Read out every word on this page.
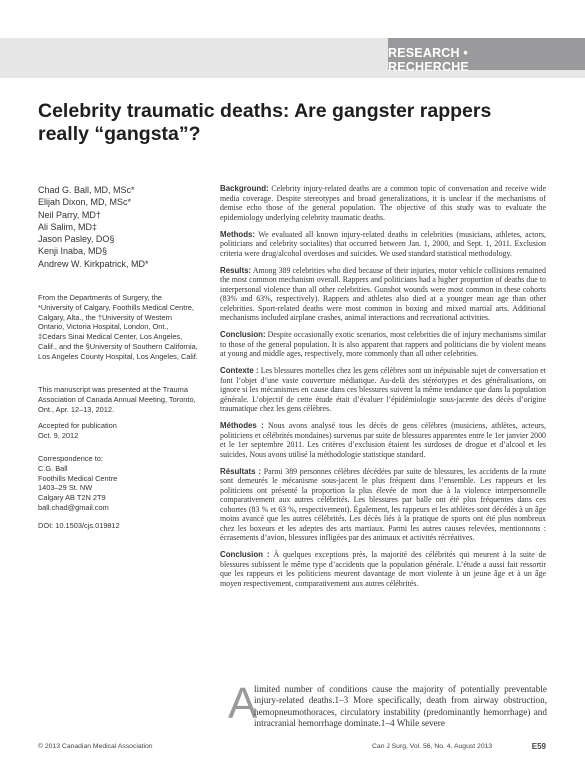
RESEARCH • RECHERCHE
Celebrity traumatic deaths: Are gangster rappers really “gangsta”?
Chad G. Ball, MD, MSc*
Elijah Dixon, MD, MSc*
Neil Parry, MD†
Ali Salim, MD‡
Jason Pasley, DO§
Kenji Inaba, MD§
Andrew W. Kirkpatrick, MD*
From the Departments of Surgery, the *University of Calgary, Foothills Medical Centre, Calgary, Alta., the †University of Western Ontario, Victoria Hospital, London, Ont., ‡Cedars Sinai Medical Center, Los Angeles, Calif., and the §University of Southern California, Los Angeles County Hospital, Los Angeles, Calif.
This manuscript was presented at the Trauma Association of Canada Annual Meeting, Toronto, Ont., Apr. 12–13, 2012.
Accepted for publication
Oct. 9, 2012
Correspondence to:
C.G. Ball
Foothills Medical Centre
1403–29 St. NW
Calgary AB T2N 2T9
ball.chad@gmail.com
DOI: 10.1503/cjs.019812

Background: Celebrity injury-related deaths are a common topic of conversation and receive wide media coverage. Despite stereotypes and broad generalizations, it is unclear if the mechanisms of demise echo those of the general population. The objective of this study was to evaluate the epidemiology underlying celebrity traumatic deaths.

Methods: We evaluated all known injury-related deaths in celebrities (musicians, athletes, actors, politicians and celebrity socialites) that occurred between Jan. 1, 2000, and Sept. 1, 2011. Exclusion criteria were drug/alcohol overdoses and suicides. We used standard statistical methodology.

Results: Among 389 celebrities who died because of their injuries, motor vehicle collisions remained the most common mechanism overall. Rappers and politicians had a higher proportion of deaths due to interpersonal violence than all other celebrities. Gunshot wounds were most common in these cohorts (83% and 63%, respectively). Rappers and athletes also died at a younger mean age than other celebrities. Sport-related deaths were most common in boxing and mixed martial arts. Additional mechanisms included airplane crashes, animal interactions and recreational activities.

Conclusion: Despite occasionally exotic scenarios, most celebrities die of injury mechanisms similar to those of the general population. It is also apparent that rappers and politicians die by violent means at young and middle ages, respectively, more commonly than all other celebrities.

Contexte : Les blessures mortelles chez les gens célèbres sont un inépuisable sujet de conversation et font l’objet d’une vaste couverture médiatique. Au-delà des stéréotypes et des généralisations, on ignore si les mécanismes en cause dans ces blessures suivent la même tendance que dans la population générale. L’objectif de cette étude était d’évaluer l’épidémiologie sous-jacente des décès d’origine traumatique chez les gens célèbres.

Méthodes : Nous avons analysé tous les décès de gens célèbres (musiciens, athlètes, acteurs, politiciens et célébrités mondaines) survenus par suite de blessures apparentes entre le 1er janvier 2000 et le 1er septembre 2011. Les critères d’exclusion étaient les surdoses de drogue et d’alcool et les suicides. Nous avons utilisé la méthodologie statistique standard.

Résultats : Parmi 389 personnes célèbres décédées par suite de blessures, les accidents de la route sont demeurés le mécanisme sous-jacent le plus fréquent dans l’ensemble. Les rappeurs et les politiciens ont présenté la proportion la plus élevée de mort due à la violence interpersonnelle comparativement aux autres célébrités. Les blessures par balle ont été plus fréquentes dans ces cohortes (83 % et 63 %, respectivement). Également, les rappeurs et les athlètes sont décédés à un âge moins avancé que les autres célébrités. Les décès liés à la pratique de sports ont été plus nombreux chez les boxeurs et les adeptes des arts martiaux. Parmi les autres causes relevées, mentionnons : écrasements d’avion, blessures infligées par des animaux et activités récréatives.

Conclusion : À quelques exceptions près, la majorité des célébrités qui meurent à la suite de blessures subissent le même type d’accidents que la population générale. L’étude a aussi fait ressortir que les rappeurs et les politiciens meurent davantage de mort violente à un jeune âge et à un âge moyen respectivement, comparativement aux autres célébrités.

A
limited number of conditions cause the majority of potentially preventable injury-related deaths.1–3 More specifically, death from airway obstruction, hemopneumothoraces, circulatory instability (predominantly hemorrhage) and intracranial hemorrhage dominate.1–4 While severe
© 2013 Canadian Medical Association	Can J Surg, Vol. 56, No. 4, August 2013	E59
